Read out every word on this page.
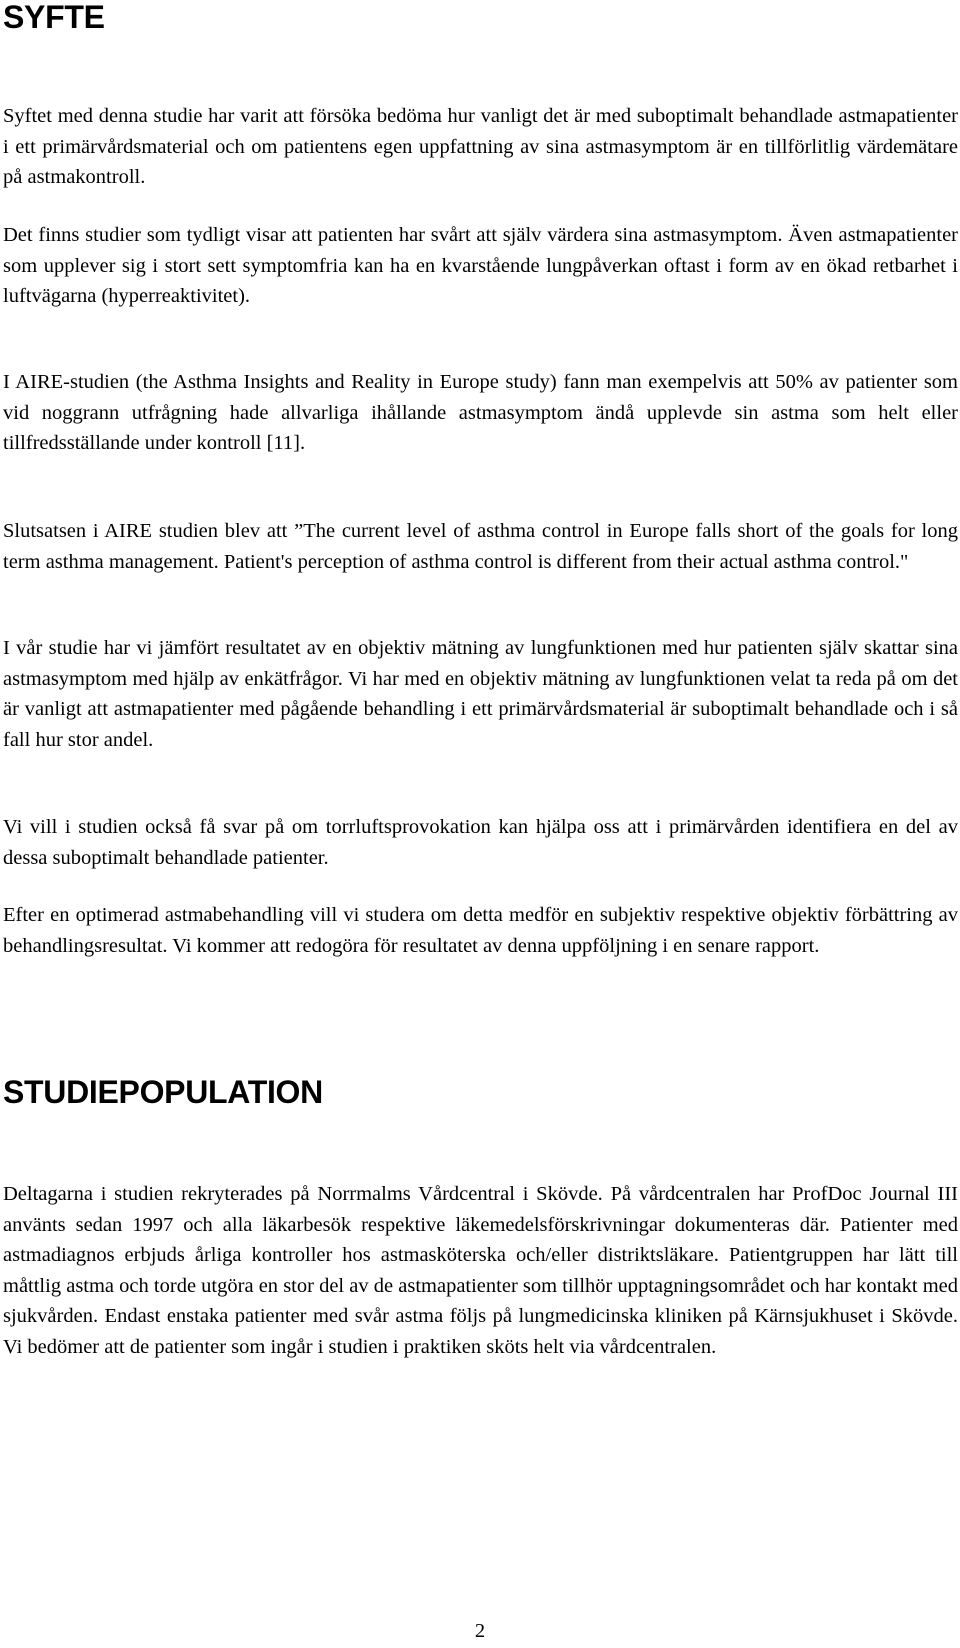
SYFTE

Syftet med denna studie har varit att försöka bedöma hur vanligt det är med suboptimalt behandlade astmapatienter i ett primärvårdsmaterial och om patientens egen uppfattning av sina astmasymptom är en tillförlitlig värdemätare på astmakontroll.

Det finns studier som tydligt visar att patienten har svårt att själv värdera sina astmasymptom. Även astmapatienter som upplever sig i stort sett symptomfria kan ha en kvarstående lungpåverkan oftast i form av en ökad retbarhet i luftvägarna (hyperreaktivitet).

I AIRE-studien (the Asthma Insights and Reality in Europe study) fann man exempelvis att 50% av patienter som vid noggrann utfrågning hade allvarliga ihållande astmasymptom ändå upplevde sin astma som helt eller tillfredsställande under kontroll [11].

Slutsatsen i AIRE studien blev att ”The current level of asthma control in Europe falls short of the goals for long term asthma management. Patient's perception of asthma control is different from their actual asthma control."

I vår studie har vi jämfört resultatet av en objektiv mätning av lungfunktionen med hur patienten själv skattar sina astmasymptom med hjälp av enkätfrågor. Vi har med en objektiv mätning av lungfunktionen velat ta reda på om det är vanligt att astmapatienter med pågående behandling i ett primärvårdsmaterial är suboptimalt behandlade och i så fall hur stor andel.

Vi vill i studien också få svar på om torrluftsprovokation kan hjälpa oss att i primärvården identifiera en del av dessa suboptimalt behandlade patienter.

Efter en optimerad astmabehandling vill vi studera om detta medför en subjektiv respektive objektiv förbättring av behandlingsresultat. Vi kommer att redogöra för resultatet av denna uppföljning i en senare rapport.

STUDIEPOPULATION

Deltagarna i studien rekryterades på Norrmalms Vårdcentral i Skövde. På vårdcentralen har ProfDoc Journal III använts sedan 1997 och alla läkarbesök respektive läkemedelsförskrivningar dokumenteras där. Patienter med astmadiagnos erbjuds årliga kontroller hos astmasköterska och/eller distriktsläkare. Patientgruppen har lätt till måttlig astma och torde utgöra en stor del av de astmapatienter som tillhör upptagningsområdet och har kontakt med sjukvården. Endast enstaka patienter med svår astma följs på lungmedicinska kliniken på Kärnsjukhuset i Skövde. Vi bedömer att de patienter som ingår i studien i praktiken sköts helt via vårdcentralen.

2
